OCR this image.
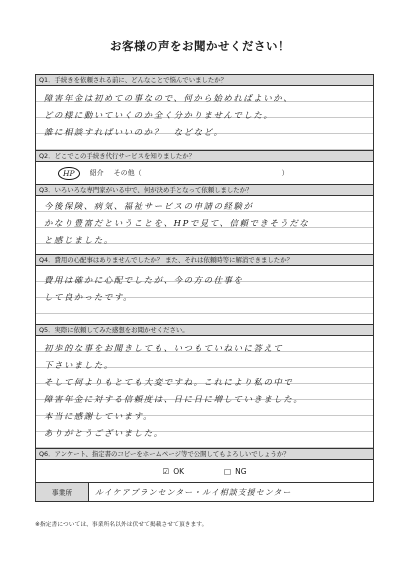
お客様の声をお聞かせください！
Q1．手続きを依頼される前に、どんなことで悩んでいましたか？
障害年金は初めての事なので、何から始めればよいか、
どの様に動いていくのか全く分かりませんでした。
誰に相談すればいいのか？　などなど。
Q2．どこでこの手続き代行サービスを知りましたか？
HP	紹介 その他（	）
Q3．いろいろな専門家がいる中で、何が決め手となって依頼しましたか？
今後保険、病気、福祉サービスの申請の経験が
かなり豊富だということを、HPで見て、信頼できそうだな
と感じました。
Q4．費用の心配事はありませんでしたか？ また、それは依頼時等に解消できましたか？
費用は確かに心配でしたが、今の方の仕事を
して良かったです。
Q5．実際に依頼してみた感想をお聞かせください。
初歩的な事をお聞きしても、いつもていねいに答えて
下さいました。
そして何よりもとても大変ですね。これにより私の中で
障害年金に対する信頼度は、日に日に増していきました。
本当に感謝しています。
ありがとうございました。
Q6．アンケート、指定書のコピーをホームページ等で公開してもよろしいでしょうか？
☑ OK	□ NG
事業所	ルイケアプランセンター・ルイ相談支援センター
※指定書については、事業所名以外は伏せて掲載させて頂きます。
